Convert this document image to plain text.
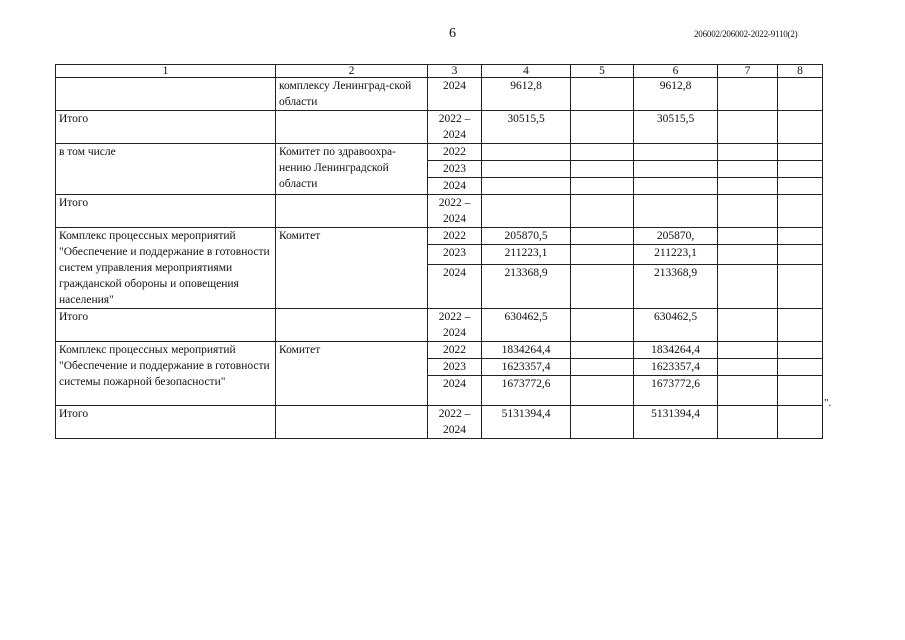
6	206002/206002-2022-9110(2)
1	2	3	4	5	6	7	8
	комплексу Ленинград-ской области	2024	9612,8		9612,8		
Итого		2022 – 2024	30515,5		30515,5		
в том числе	Комитет по здравоохра-нению Ленинградской области	2022					
		2023					
		2024					
Итого		2022 – 2024					
Комплекс процессных мероприятий "Обеспечение и поддержание в готовности систем управления мероприятиями гражданской обороны и оповещения населения"	Комитет	2022	205870,5		205870,		
		2023	211223,1		211223,1		
		2024	213368,9		213368,9		
Итого		2022 – 2024	630462,5		630462,5		
Комплекс процессных мероприятий "Обеспечение и поддержание в готовности системы пожарной безопасности"	Комитет	2022	1834264,4		1834264,4		
		2023	1623357,4		1623357,4		
		2024	1673772,6		1673772,6		
Итого		2022 – 2024	5131394,4		5131394,4		
".
